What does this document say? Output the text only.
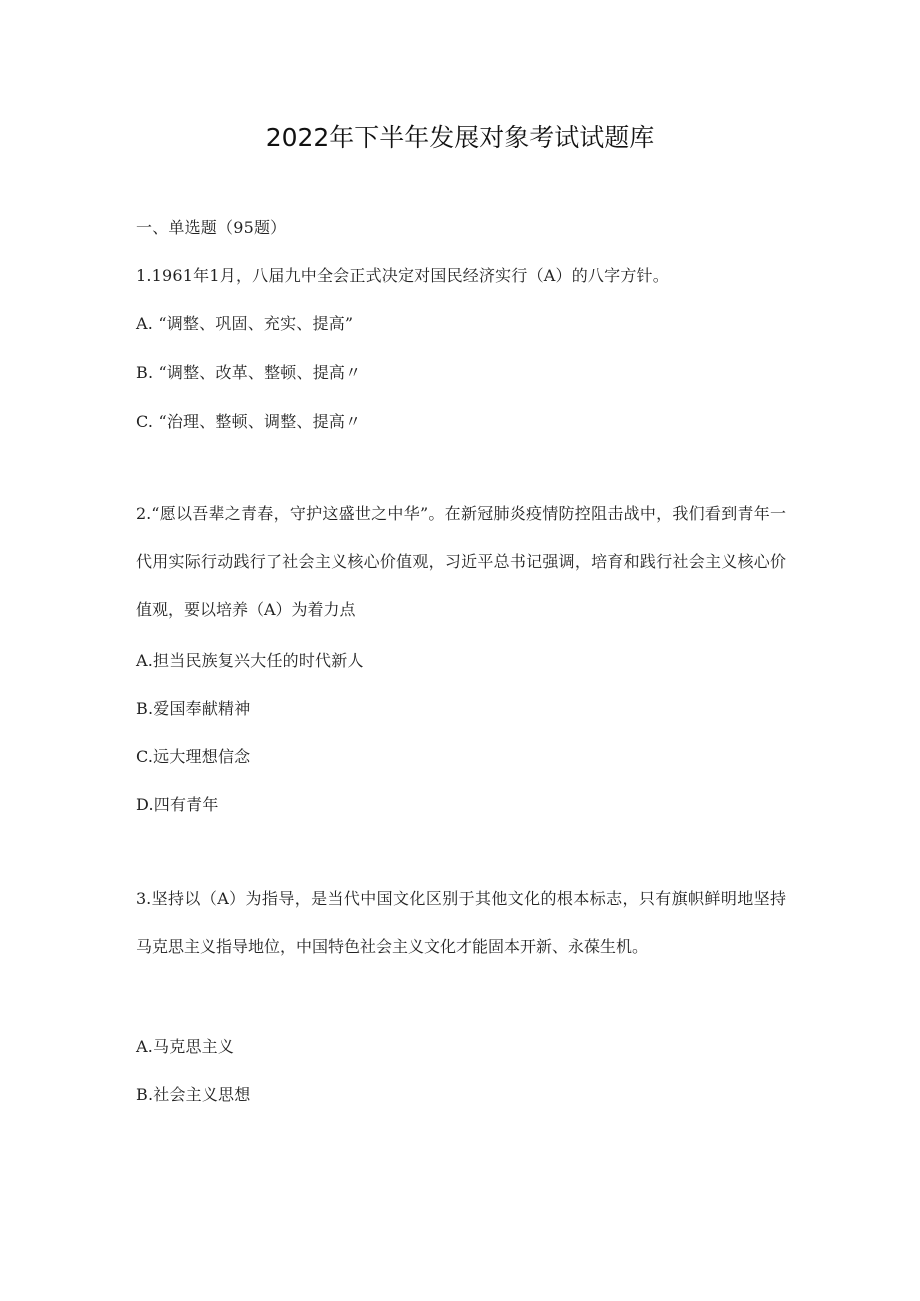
2022年下半年发展对象考试试题库
一、单选题（95题）
1.1961年1月，八届九中全会正式决定对国民经济实行（A）的八字方针。
A. “调整、巩固、充实、提高”
B. “调整、改革、整顿、提高〃
C. “治理、整顿、调整、提高〃
2.“愿以吾辈之青春，守护这盛世之中华”。在新冠肺炎疫情防控阻击战中，我们看到青年一代用实际行动践行了社会主义核心价值观，习近平总书记强调，培育和践行社会主义核心价值观，要以培养（A）为着力点
A.担当民族复兴大任的时代新人
B.爱国奉献精神
C.远大理想信念
D.四有青年
3.坚持以（A）为指导，是当代中国文化区别于其他文化的根本标志，只有旗帜鲜明地坚持马克思主义指导地位，中国特色社会主义文化才能固本开新、永葆生机。
A.马克思主义
B.社会主义思想
